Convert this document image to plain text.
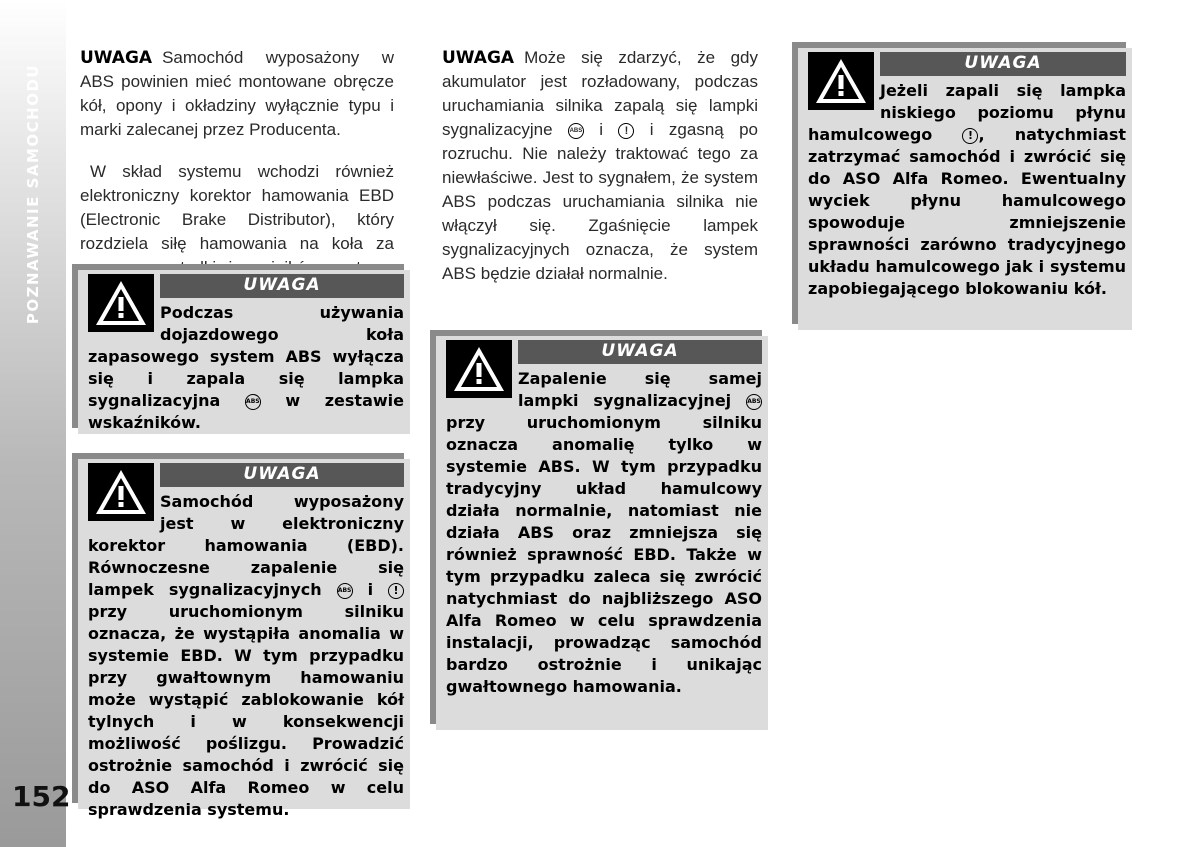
POZNAWANIE SAMOCHODU
152

UWAGA Samochód wyposażony w ABS powinien mieć montowane obręcze kół, opony i okładziny wyłącznie typu i marki zalecanej przez Producenta.

W skład systemu wchodzi również elektroniczny korektor hamowania EBD (Electronic Brake Distributor), który rozdziela siłę hamowania na koła za

UWAGA
Podczas używania dojazdowego koła zapasowego system ABS wyłącza się i zapala się lampka sygnalizacyjna	ABS w zestawie wskaźników.
UWAGA
Samochód wyposażony jest w elektroniczny korektor hamowania (EBD). Równoczesne zapalenie się lampek sygnalizacyjnych	ABS i ! przy uruchomionym silniku oznacza, że wystąpiła anomalia w systemie EBD. W tym przypadku przy gwałtownym hamowaniu może wystąpić zablokowanie kół tylnych i w konsekwencji możliwość poślizgu. Prowadzić ostrożnie samochód i zwrócić się do ASO Alfa Romeo w celu sprawdzenia systemu.

UWAGA Może się zdarzyć, że gdy akumulator jest rozładowany, podczas uruchamiania silnika zapalą się lampki sygnalizacyjne	ABS i ! i zgasną po rozruchu. Nie należy traktować tego za niewłaściwe. Jest to sygnałem, że system ABS podczas uruchamiania silnika nie włączył się. Zgaśnięcie lampek sygnalizacyjnych oznacza, że system ABS będzie działał normalnie.

UWAGA
Zapalenie się samej lampki sygnalizacyjnej	ABS przy uruchomionym silniku oznacza anomalię tylko w systemie ABS. W tym przypadku tradycyjny układ hamulcowy działa normalnie, natomiast nie działa ABS oraz zmniejsza się również sprawność EBD. Także w tym przypadku zaleca się zwrócić natychmiast do najbliższego ASO Alfa Romeo w celu sprawdzenia instalacji, prowadząc samochód bardzo ostrożnie i unikając gwałtownego hamowania.
UWAGA
Jeżeli zapali się lampka niskiego poziomu płynu hamulcowego	! , natychmiast zatrzymać samochód i zwrócić się do ASO Alfa Romeo. Ewentualny wyciek płynu hamulcowego spowoduje zmniejszenie sprawności zarówno tradycyjnego układu hamulcowego jak i systemu zapobiegającego blokowaniu kół.
